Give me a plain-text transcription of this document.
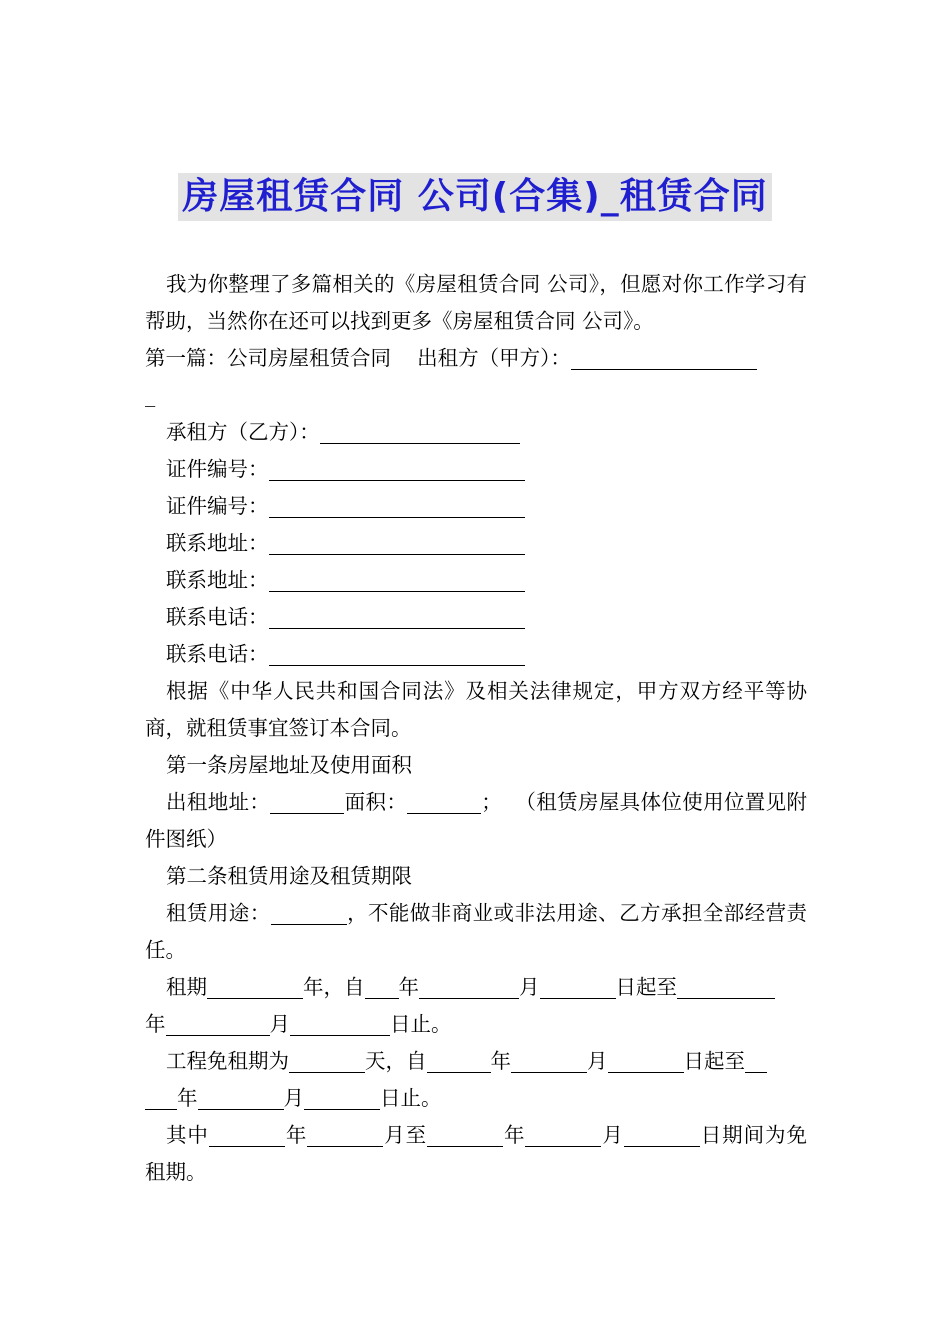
房屋租赁合同 公司(合集)_租赁合同

我为你整理了多篇相关的《房屋租赁合同 公司》，但愿对你工作学习有帮助，当然你在还可以找到更多《房屋租赁合同 公司》。

第一篇：公司房屋租赁合同    出租方（甲方）：
_

承租方（乙方）：

证件编号：

证件编号：

联系地址：

联系地址：

联系电话：

联系电话：

根据《中华人民共和国合同法》及相关法律规定，甲方双方经平等协商，就租赁事宜签订本合同。

第一条房屋地址及使用面积

出租地址：	面积：	；  （租赁房屋具体位使用位置见附件图纸）

第二条租赁用途及租赁期限

租赁用途：	，不能做非商业或非法用途、乙方承担全部经营责任。

租期	年，自 年	月	日起至
年	月	日止。

工程免租期为	天，自	年	月	日起至
年	月	日止。

其中	年	月至	年	月	日期间为免租期。
